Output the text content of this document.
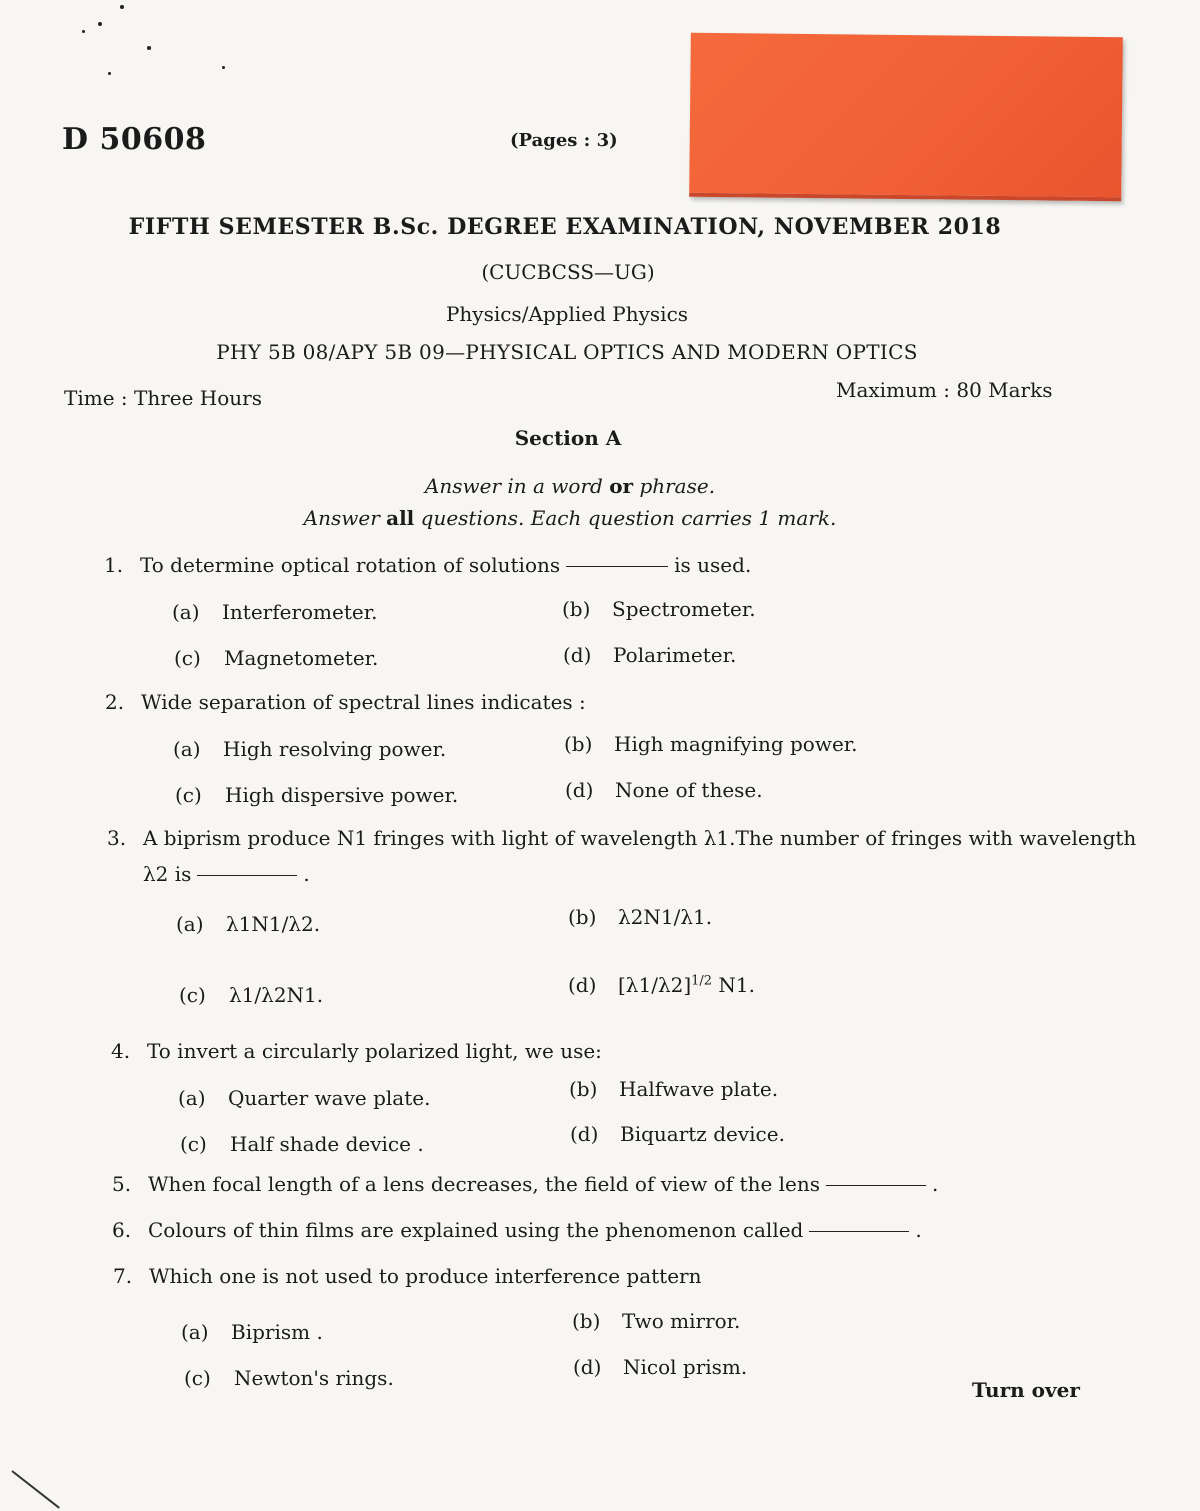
D 50608	(Pages : 3)
FIFTH SEMESTER B.Sc. DEGREE EXAMINATION, NOVEMBER 2018
(CUCBCSS—UG)
Physics/Applied Physics
PHY 5B 08/APY 5B 09—PHYSICAL OPTICS AND MODERN OPTICS
Time : Three Hours	Maximum : 80 Marks
Section A
Answer in a word or phrase.
Answer all questions. Each question carries 1 mark.
1. To determine optical rotation of solutions	is used.
(a) Interferometer.	(b) Spectrometer.
(c) Magnetometer.	(d) Polarimeter.
2. Wide separation of spectral lines indicates :
(a) High resolving power.	(b) High magnifying power.
(c) High dispersive power.	(d) None of these.
3. A biprism produce N1 fringes with light of wavelength λ1.The number of fringes with wavelength
λ2 is	.
(a) λ1N1/λ2.	(b) λ2N1/λ1.
(c) λ1/λ2N1.	(d) $[\lambda 1/\lambda 2]^{1/2}$ N1.
4. To invert a circularly polarized light, we use:
(a) Quarter wave plate.	(b) Halfwave plate.
(c) Half shade device .	(d) Biquartz device.
5. When focal length of a lens decreases, the field of view of the lens	.
6. Colours of thin films are explained using the phenomenon called	.
7. Which one is not used to produce interference pattern
(a) Biprism .	(b) Two mirror.
(c) Newton's rings.	(d) Nicol prism.
Turn over
